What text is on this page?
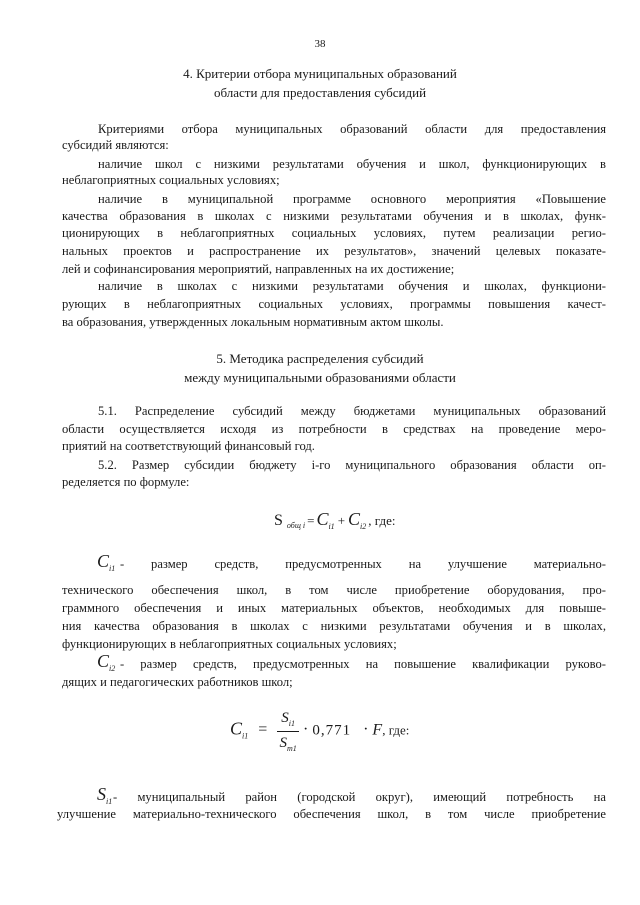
38
4. Критерии отбора муниципальных образований
области для предоставления субсидий
Критериями отбора муниципальных образований области для предоставления
субсидий являются:
наличие школ с низкими результатами обучения и школ, функционирующих в
неблагоприятных социальных условиях;
наличие в муниципальной программе основного мероприятия «Повышение
качества образования в школах с низкими результатами обучения и в школах, функ-
ционирующих в неблагоприятных социальных условиях, путем реализации регио-
нальных проектов и распространение их результатов», значений целевых показате-
лей и софинансирования мероприятий, направленных на их достижение;
наличие в школах с низкими результатами обучения и школах, функциони-
рующих в неблагоприятных социальных условиях, программы повышения качест-
ва образования, утвержденных локальным нормативным актом школы.
5. Методика распределения субсидий
между муниципальными образованиями области
5.1. Распределение субсидий между бюджетами муниципальных образований
области осуществляется исходя из потребности в средствах на проведение меро-
приятий на соответствующий финансовый год.
5.2. Размер субсидии бюджету i-го муниципального образования области оп-
ределяется по формуле:
S $_{общ i} = C_{i1} + C_{i2}$ , где:
$C_{i1}$ - размер средств, предусмотренных на улучшение материально-
технического обеспечения школ, в том числе приобретение оборудования, про-
граммного обеспечения и иных материальных объектов, необходимых для повыше-
ния качества образования в школах с низкими результатами обучения и в школах,
функционирующих в неблагоприятных социальных условиях;
$C_{i2}$ - размер средств, предусмотренных на повышение квалификации руково-
дящих и педагогических работников школ;
$C_{i1} = \frac{S_{i1}}{S_{m1}} \cdot 0,771 \cdot F$, где:
$S_{i1}$ - муниципальный район (городской округ), имеющий потребность на
улучшение материально-технического обеспечения школ, в том числе приобретение
